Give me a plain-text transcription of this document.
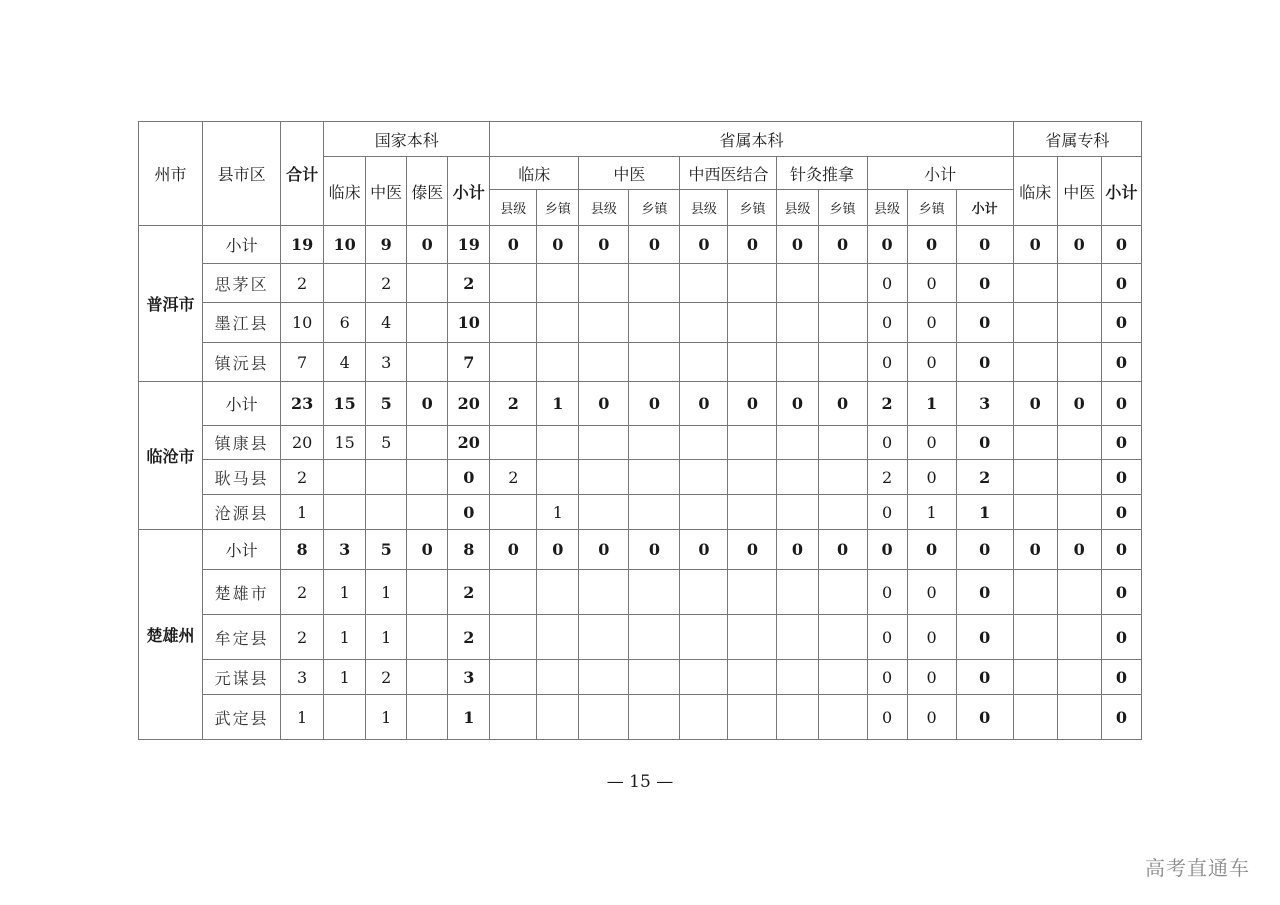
州市	县市区	合计	国家本科				省属本科											省属专科		
			临床	中医	傣医	小计	临床		中医		中西医结合		针灸推拿		小计			临床	中医	小计
							县级	乡镇	县级	乡镇	县级	乡镇	县级	乡镇	县级	乡镇	小计			
普洱市	小计	19	10	9	0	19	0	0	0	0	0	0	0	0	0	0	0	0	0	0
	思茅区	2		2		2									0	0	0			0
	墨江县	10	6	4		10									0	0	0			0
	镇沅县	7	4	3		7									0	0	0			0
临沧市	小计	23	15	5	0	20	2	1	0	0	0	0	0	0	2	1	3	0	0	0
	镇康县	20	15	5		20									0	0	0			0
	耿马县	2				0	2								2	0	2			0
	沧源县	1				0		1							0	1	1			0
楚雄州	小计	8	3	5	0	8	0	0	0	0	0	0	0	0	0	0	0	0	0	0
	楚雄市	2	1	1		2									0	0	0			0
	牟定县	2	1	1		2									0	0	0			0
	元谋县	3	1	2		3									0	0	0			0
	武定县	1		1		1									0	0	0			0
— 15 —
高考直通车
